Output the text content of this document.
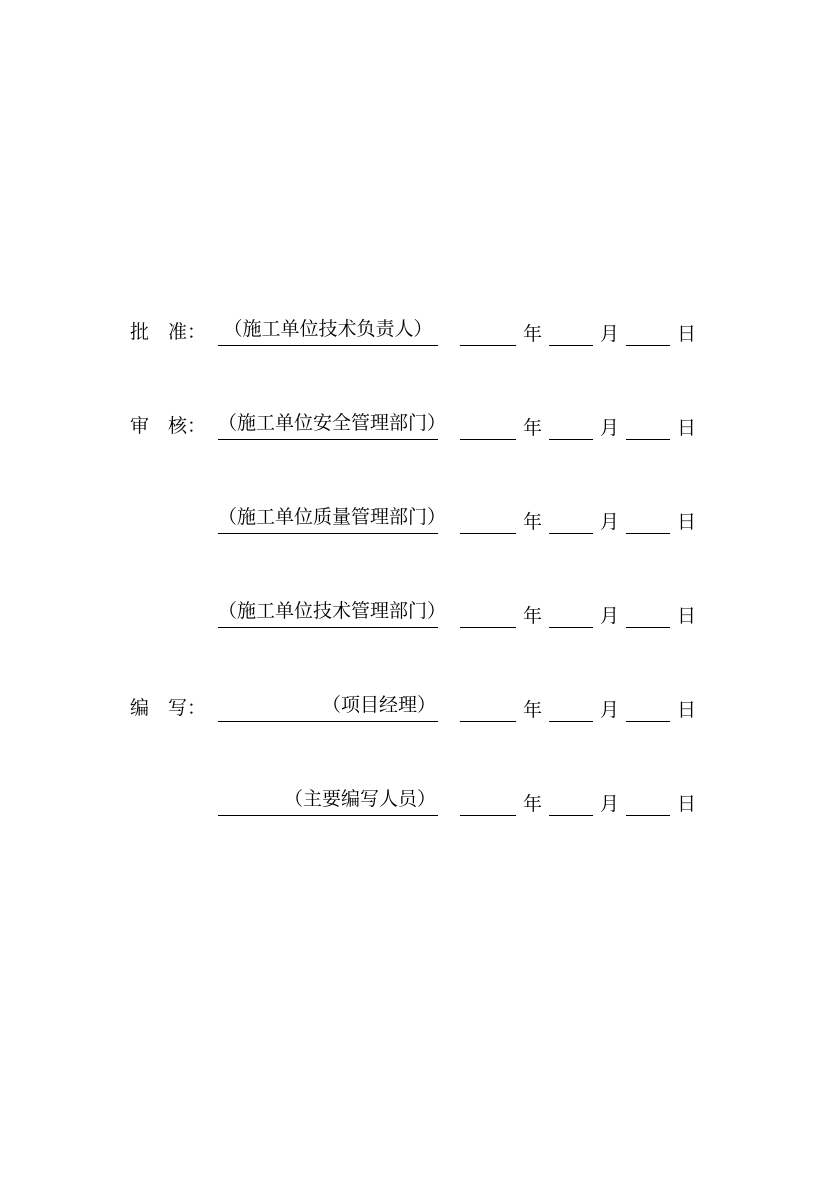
批　准： （施工单位技术负责人）	年	月	日
审　核： （施工单位安全管理部门）	年	月	日
（施工单位质量管理部门）	年	月	日
（施工单位技术管理部门）	年	月	日
编　写：	（项目经理）	年	月	日
（主要编写人员）	年	月	日
